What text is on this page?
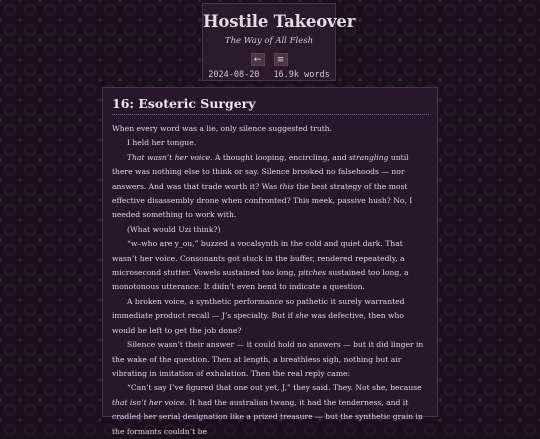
Hostile Takeover
The Way of All Flesh
←	≡
2024-08-20 16.9k words
16: Esoteric Surgery

When every word was a lie, only silence suggested truth.

I held her tongue.

That wasn’t her voice. A thought looping, encircling, and strangling until there was nothing else to think or say. Silence brooked no falsehoods — nor answers. And was that trade worth it? Was this the best strategy of the most effective disassembly drone when confronted? This meek, passive hush? No, I needed something to work with.

(What would Uzi think?)

“w–who are y_ou,” buzzed a vocalsynth in the cold and quiet dark. That wasn’t her voice. Consonants got stuck in the buffer, rendered repeatedly, a microsecond stutter. Vowels sustained too long, pitches sustained too long, a monotonous utterance. It didn’t even bend to indicate a question.

A broken voice, a synthetic performance so pathetic it surely warranted immediate product recall — J’s specialty. But if she was defective, then who would be left to get the job done?

Silence wasn’t their answer — it could hold no answers — but it did linger in the wake of the question. Then at length, a breathless sigh, nothing but air vibrating in imitation of exhalation. Then the real reply came:

“Can’t say I’ve figured that one out yet, J,” they said. They. Not she, because that isn’t her voice. It had the australian twang, it had the tenderness, and it cradled her serial designation like a prized treasure — but the synthetic grain in the formants couldn’t be
